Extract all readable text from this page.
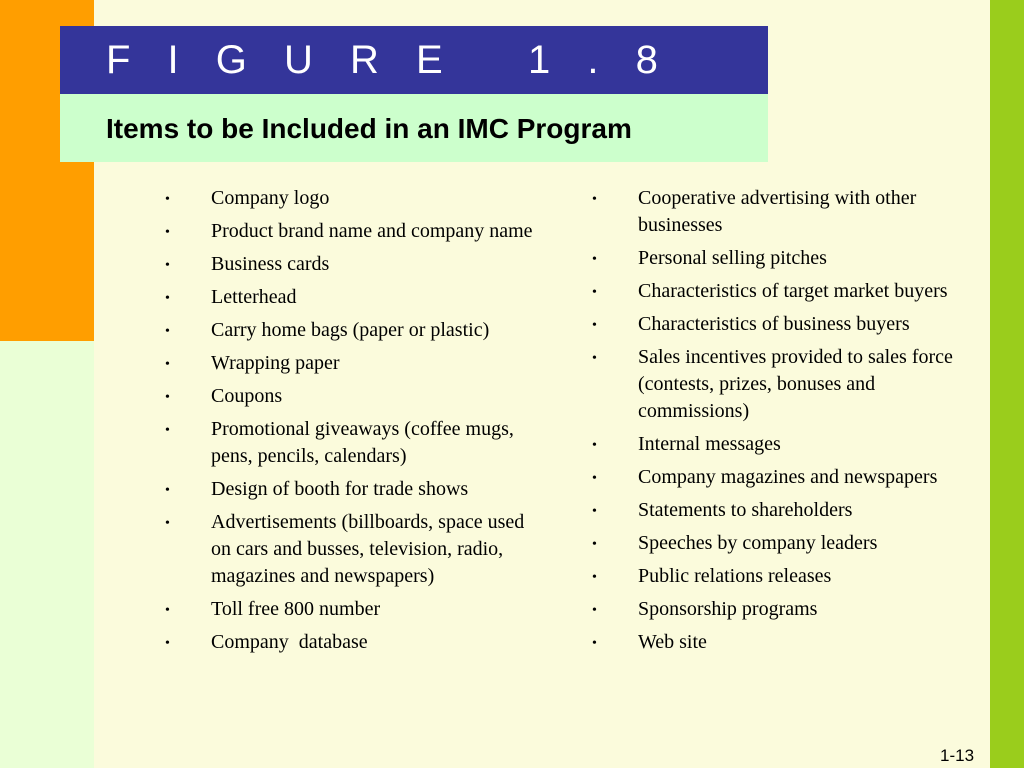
F I G U R E   1 . 8
Items to be Included in an IMC Program
• Company logo
• Product brand name and company name
• Business cards
• Letterhead
• Carry home bags (paper or plastic)
• Wrapping paper
• Coupons
• Promotional giveaways (coffee mugs, pens, pencils, calendars)
• Design of booth for trade shows
• Advertisements (billboards, space used on cars and busses, television, radio, magazines and newspapers)
• Toll free 800 number
• Company  database
• Cooperative advertising with other businesses
• Personal selling pitches
• Characteristics of target market buyers
• Characteristics of business buyers
• Sales incentives provided to sales force (contests, prizes, bonuses and commissions)
• Internal messages
• Company magazines and newspapers
• Statements to shareholders
• Speeches by company leaders
• Public relations releases
• Sponsorship programs
• Web site
1-13
